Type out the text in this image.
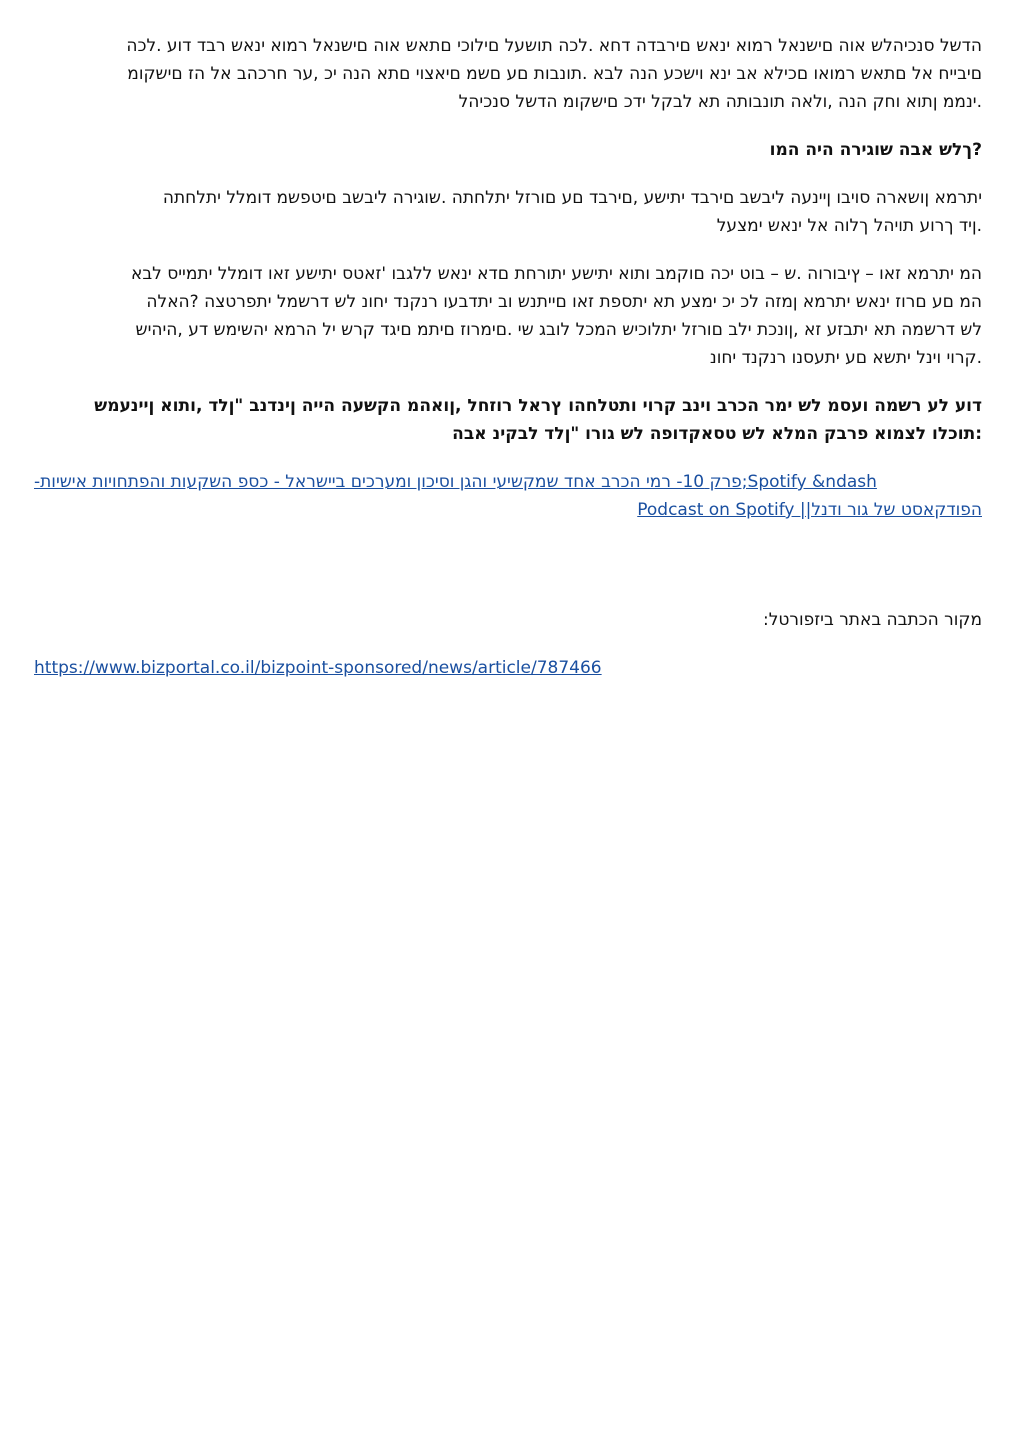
הדשל סנכיהלש אוה םישנאל רמוא ינאש םירבדה דחא .לכה תושעל םילוכי םתאש אוה םישנאל רמוא ינאש רבד דוע .לכה
םיבייח אל םתאש רמואו םכילא אב ינא וישכע הנה לבא .תונבות םע םשמ םיאצוי םתא הנה יכ ,ער חרכהב אל הז םישקומ
.ינממ ןתוא וחק הנה ,ולאה תונבותה תא לבקל ידכ םישקומ הדשל סנכיהל
?ךלש אבה שוגירה היה המו
יתרמא ןושארה סויבו ןיינעה ליבשב םירבד יתישע ,םירבד םע םורזל יתלחתה .שוגירה ליבשב םיטפשמ דומלל יתלחתה
.ןיד ךרוע תויהל ךלוה אל ינאש ימצעל
המ יתרמא זאו – ץיבורוה .ש – בוט יכה םוקמב ותוא יתישע יתורחת םדא ינאש ללגבו 'זאטס יתישע זאו דומלל יתמייס לבא
המ םע םרוז ינאש יתרמא ןמזה לכ יכ ימצע תא יתספת זאו םייתנש וב יתדבעו רנקנד יחונ לש דרשמל יתפרטצה ?האלה
לש דרשמה תא יתבזע זא ,ןונכת ילב םורזל יתלוכיש המכל לובג שי .םימרוז םיתמ םיגד קרש יל הרמא יהשימש דע ,היהיש
.קרוי וינל יתשא םע יתעסנו רנקנד יחונ
דוע לע רשמה ועסמ לש ימר הכרב וינב קרוי ותטלחהו ץראל רוזחל ,ןואהמ הקשעה הייה ןינדנב "ןלד ,ותוא ןיינעמש
:תוכלו לצמוא פרבק המלא לש טסאקדופה לש גורו "ןלד לבקינ אבה
Spotify &ndash;פרק 10- רמי הכרב אחד שמקשיעי והגן וסיכון ומערכים ביישראל - כספ השקעות והפתחויות אישיות-
הפודקאסט של גור ודנל|| Podcast on Spotify
מקור הכתבה באתר ביזפורטל:
https://www.bizportal.co.il/bizpoint-sponsored/news/article/787466
